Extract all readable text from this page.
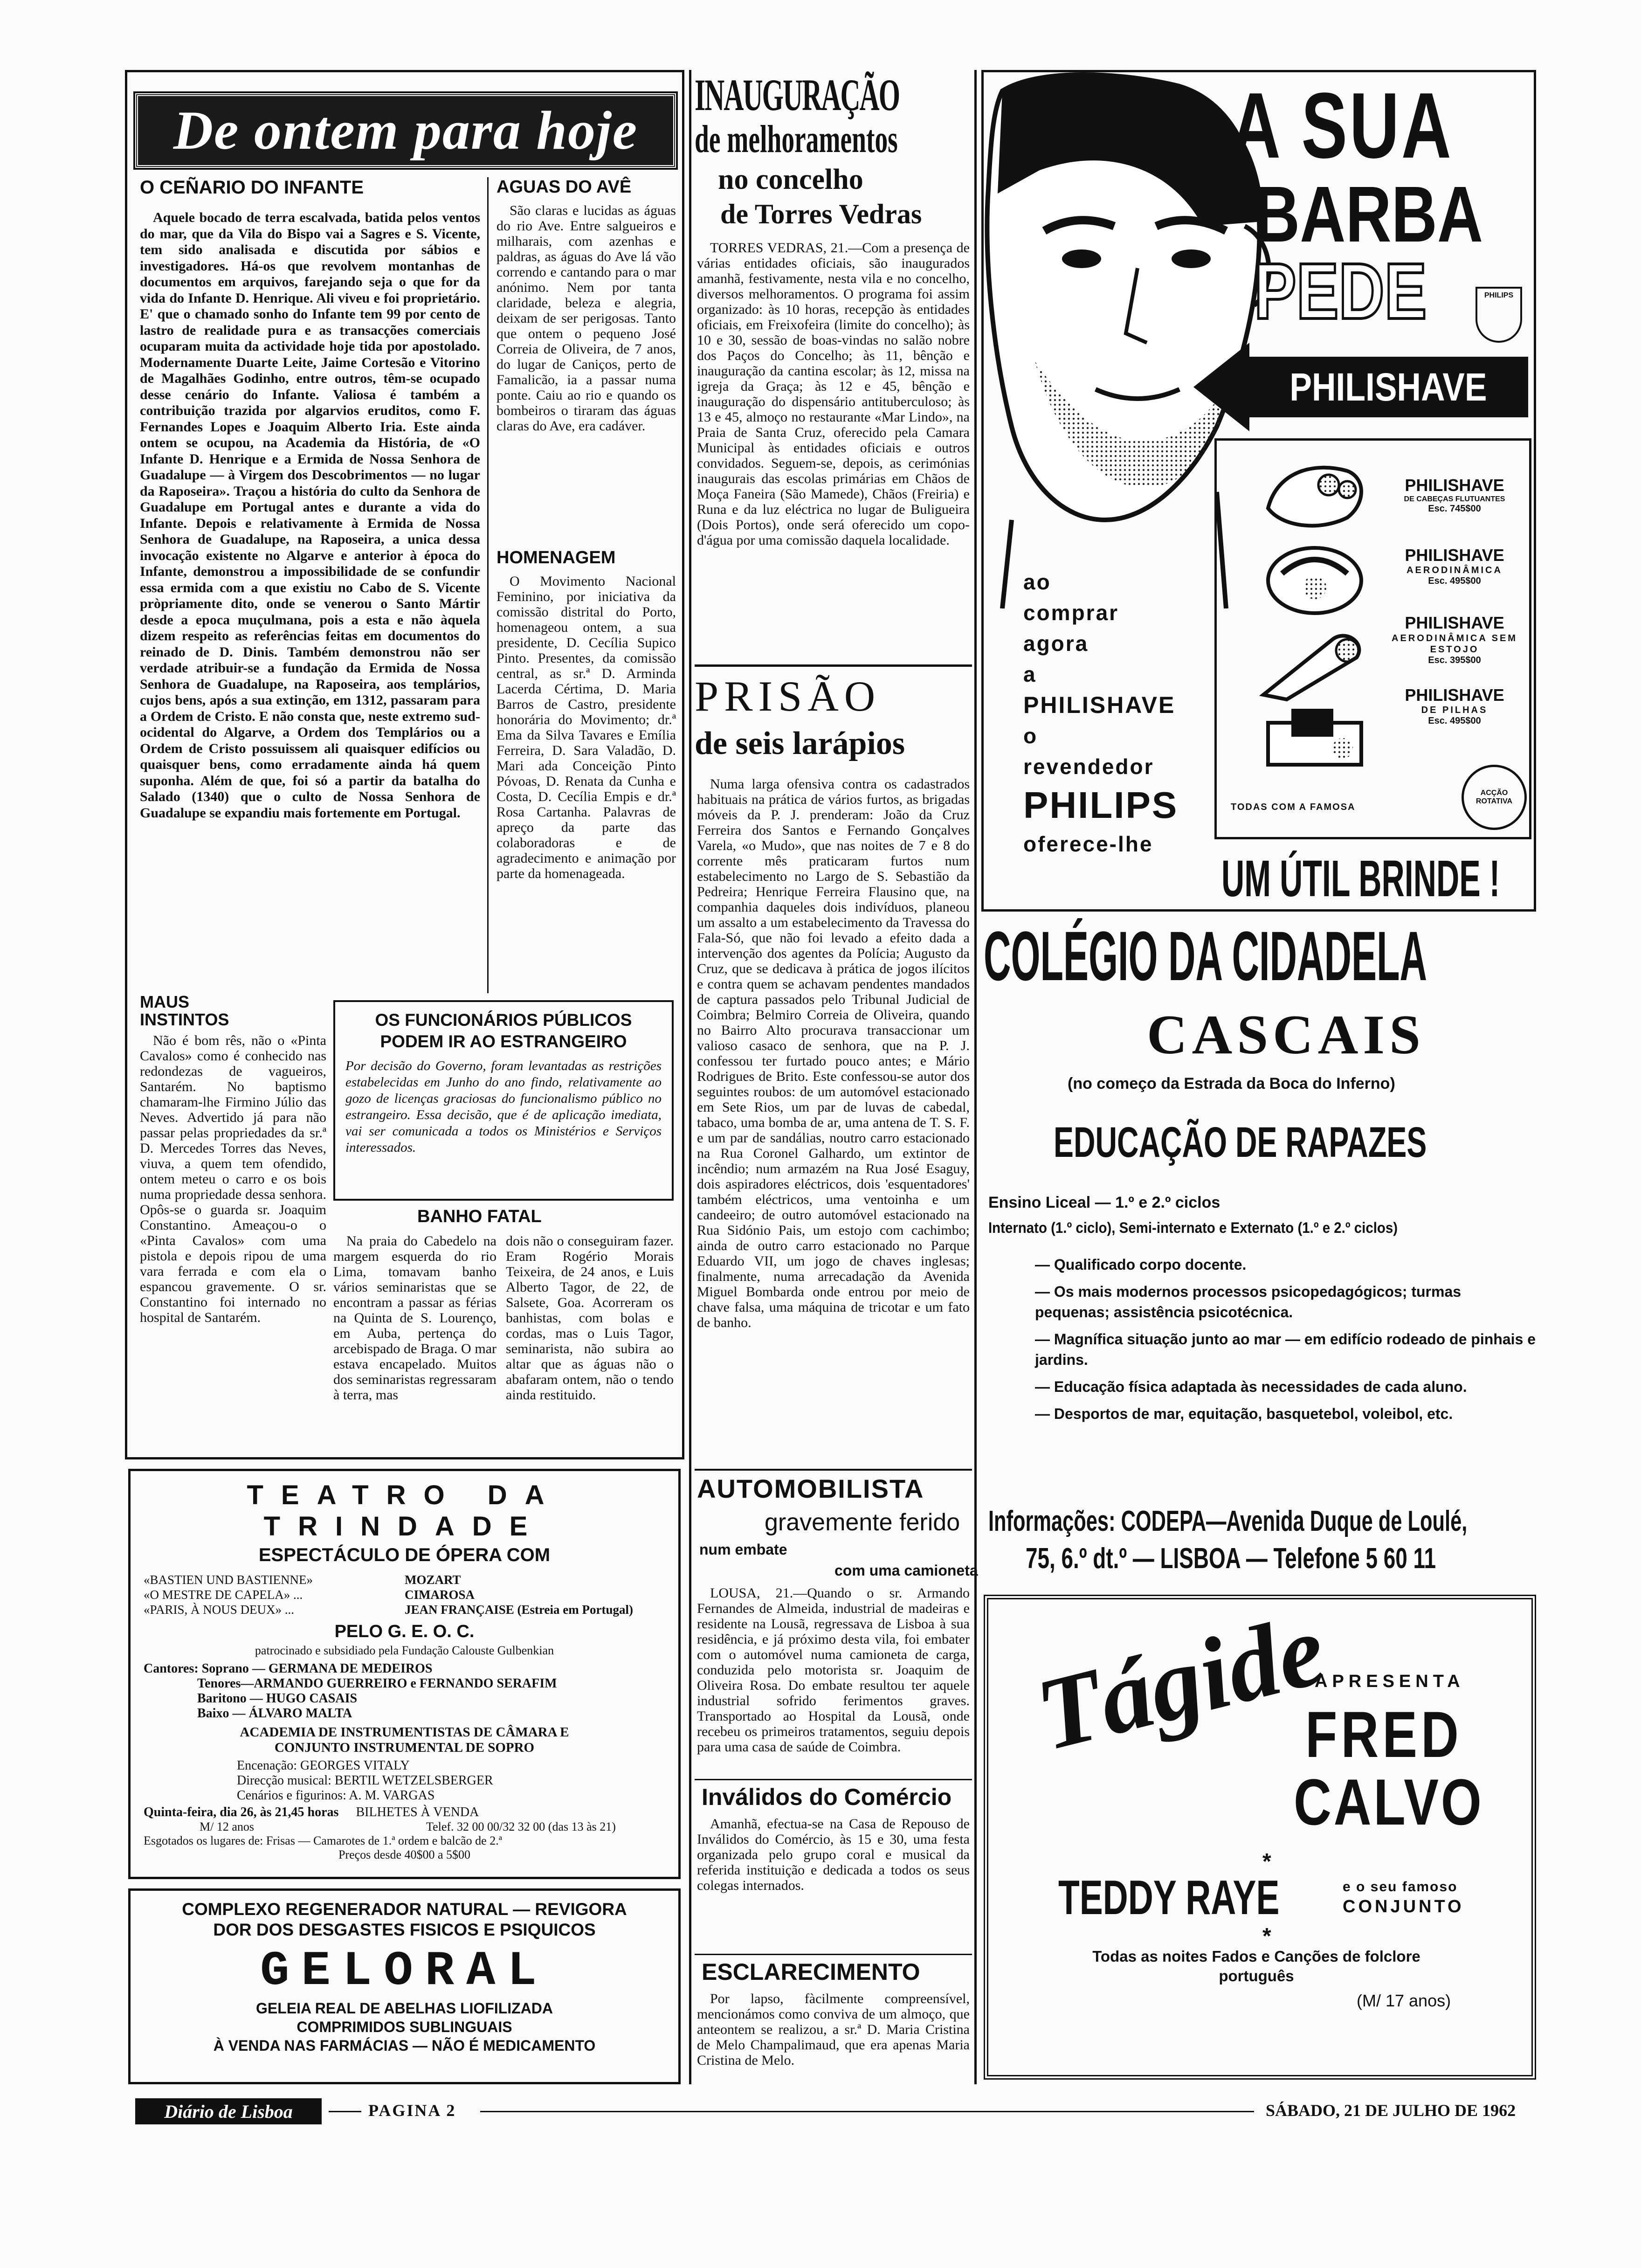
De ontem para hoje
O CEÑARIO DO INFANTE

Aquele bocado de terra escalvada, batida pelos ventos do mar, que da Vila do Bispo vai a Sagres e S. Vicente, tem sido analisada e discutida por sábios e investigadores. Há-os que revolvem montanhas de documentos em arquivos, farejando seja o que for da vida do Infante D. Henrique. Ali viveu e foi proprietário. E' que o chamado sonho do Infante tem 99 por cento de lastro de realidade pura e as transacções comerciais ocuparam muita da actividade hoje tida por apostolado. Modernamente Duarte Leite, Jaime Cortesão e Vitorino de Magalhães Godinho, entre outros, têm-se ocupado desse cenário do Infante. Valiosa é também a contribuição trazida por algarvios eruditos, como F. Fernandes Lopes e Joaquim Alberto Iria. Este ainda ontem se ocupou, na Academia da História, de «O Infante D. Henrique e a Ermida de Nossa Senhora de Guadalupe — à Virgem dos Descobrimentos — no lugar da Raposeira». Traçou a história do culto da Senhora de Guadalupe em Portugal antes e durante a vida do Infante. Depois e relativamente à Ermida de Nossa Senhora de Guadalupe, na Raposeira, a unica dessa invocação existente no Algarve e anterior à época do Infante, demonstrou a impossibilidade de se confundir essa ermida com a que existiu no Cabo de S. Vicente pròpriamente dito, onde se venerou o Santo Mártir desde a epoca muçulmana, pois a esta e não àquela dizem respeito as referências feitas em documentos do reinado de D. Dinis. Também demonstrou não ser verdade atribuir-se a fundação da Ermida de Nossa Senhora de Guadalupe, na Raposeira, aos templários, cujos bens, após a sua extinção, em 1312, passaram para a Ordem de Cristo. E não consta que, neste extremo sud-ocidental do Algarve, a Ordem dos Templários ou a Ordem de Cristo possuissem ali quaisquer edifícios ou quaisquer bens, como erradamente ainda há quem suponha. Além de que, foi só a partir da batalha do Salado (1340) que o culto de Nossa Senhora de Guadalupe se expandiu mais fortemente em Portugal.

AGUAS DO AVÊ

São claras e lucidas as águas do rio Ave. Entre salgueiros e milharais, com azenhas e paldras, as águas do Ave lá vão correndo e cantando para o mar anónimo. Nem por tanta claridade, beleza e alegria, deixam de ser perigosas. Tanto que ontem o pequeno José Correia de Oliveira, de 7 anos, do lugar de Caniços, perto de Famalicão, ia a passar numa ponte. Caiu ao rio e quando os bombeiros o tiraram das águas claras do Ave, era cadáver.

HOMENAGEM

O Movimento Nacional Feminino, por iniciativa da comissão distrital do Porto, homenageou ontem, a sua presidente, D. Cecília Supico Pinto. Presentes, da comissão central, as sr.ª D. Arminda Lacerda Cértima, D. Maria Barros de Castro, presidente honorária do Movimento; dr.ª Ema da Silva Tavares e Emília Ferreira, D. Sara Valadão, D. Mari ada Conceição Pinto Póvoas, D. Renata da Cunha e Costa, D. Cecília Empis e dr.ª Rosa Cartanha. Palavras de apreço da parte das colaboradoras e de agradecimento e animação por parte da homenageada.

MAUS INSTINTOS

Não é bom rês, não o «Pinta Cavalos» como é conhecido nas redondezas de vagueiros, Santarém. No baptismo chamaram-lhe Firmino Júlio das Neves. Advertido já para não passar pelas propriedades da sr.ª D. Mercedes Torres das Neves, viuva, a quem tem ofendido, ontem meteu o carro e os bois numa propriedade dessa senhora. Opôs-se o guarda sr. Joaquim Constantino. Ameaçou-o o «Pinta Cavalos» com uma pistola e depois ripou de uma vara ferrada e com ela o espancou gravemente. O sr. Constantino foi internado no hospital de Santarém.

OS FUNCIONÁRIOS PÚBLICOS PODEM IR AO ESTRANGEIRO
Por decisão do Governo, foram levantadas as restrições estabelecidas em Junho do ano findo, relativamente ao gozo de licenças graciosas do funcionalismo público no estrangeiro. Essa decisão, que é de aplicação imediata, vai ser comunicada a todos os Ministérios e Serviços interessados.
BANHO FATAL
Na praia do Cabedelo na margem esquerda do rio Lima, tomavam banho vários seminaristas que se encontram a passar as férias na Quinta de S. Lourenço, em Auba, pertença do arcebispado de Braga. O mar estava encapelado. Muitos dos seminaristas regressaram à terra, mas
dois não o conseguiram fazer. Eram Rogério Morais Teixeira, de 24 anos, e Luis Alberto Tagor, de 22, de Salsete, Goa. Acorreram os banhistas, com bolas e cordas, mas o Luis Tagor, seminarista, não subira ao altar que as águas não o abafaram ontem, não o tendo ainda restituido.
TEATRO DA TRINDADE
ESPECTÁCULO DE ÓPERA COM
«BASTIEN UND BASTIENNE»	MOZART
«O MESTRE DE CAPELA» ...	CIMAROSA
«PARIS, À NOUS DEUX» ...	JEAN FRANÇAISE (Estreia em Portugal)
PELO G. E. O. C.
patrocinado e subsidiado pela Fundação Calouste Gulbenkian
Cantores: Soprano — GERMANA DE MEDEIROS
Tenores—ARMANDO GUERREIRO e FERNANDO SERAFIM
Baritono — HUGO CASAIS
Baixo — ÁLVARO MALTA
ACADEMIA DE INSTRUMENTISTAS DE CÂMARA E CONJUNTO INSTRUMENTAL DE SOPRO
Encenação: GEORGES VITALY
Direcção musical: BERTIL WETZELSBERGER
Cenários e figurinos: A. M. VARGAS
Quinta-feira, dia 26, às 21,45 horas BILHETES À VENDA
M/ 12 anos	Telef. 32 00 00/32 32 00 (das 13 às 21)
Esgotados os lugares de: Frisas — Camarotes de 1.ª ordem e balcão de 2.ª
Preços desde 40$00 a 5$00
COMPLEXO REGENERADOR NATURAL — REVIGORA
DOR DOS DESGASTES FISICOS E PSIQUICOS
GELORAL
GELEIA REAL DE ABELHAS LIOFILIZADA
COMPRIMIDOS SUBLINGUAIS
À VENDA NAS FARMÁCIAS — NÃO É MEDICAMENTO
INAUGURAÇÃO
de melhoramentos
no concelho
de Torres Vedras
TORRES VEDRAS, 21.—Com a presença de várias entidades oficiais, são inaugurados amanhã, festivamente, nesta vila e no concelho, diversos melhoramentos. O programa foi assim organizado: às 10 horas, recepção às entidades oficiais, em Freixofeira (limite do concelho); às 10 e 30, sessão de boas-vindas no salão nobre dos Paços do Concelho; às 11, bênção e inauguração da cantina escolar; às 12, missa na igreja da Graça; às 12 e 45, bênção e inauguração do dispensário antituberculoso; às 13 e 45, almoço no restaurante «Mar Lindo», na Praia de Santa Cruz, oferecido pela Camara Municipal às entidades oficiais e outros convidados. Seguem-se, depois, as cerimónias inaugurais das escolas primárias em Chãos de Moça Faneira (São Mamede), Chãos (Freiria) e Runa e da luz eléctrica no lugar de Buligueira (Dois Portos), onde será oferecido um copo-d'água por uma comissão daquela localidade.
PRISÃO
de seis larápios
Numa larga ofensiva contra os cadastrados habituais na prática de vários furtos, as brigadas móveis da P. J. prenderam: João da Cruz Ferreira dos Santos e Fernando Gonçalves Varela, «o Mudo», que nas noites de 7 e 8 do corrente mês praticaram furtos num estabelecimento no Largo de S. Sebastião da Pedreira; Henrique Ferreira Flausino que, na companhia daqueles dois indivíduos, planeou um assalto a um estabelecimento da Travessa do Fala-Só, que não foi levado a efeito dada a intervenção dos agentes da Polícia; Augusto da Cruz, que se dedicava à prática de jogos ilícitos e contra quem se achavam pendentes mandados de captura passados pelo Tribunal Judicial de Coimbra; Belmiro Correia de Oliveira, quando no Bairro Alto procurava transaccionar um valioso casaco de senhora, que na P. J. confessou ter furtado pouco antes; e Mário Rodrigues de Brito. Este confessou-se autor dos seguintes roubos: de um automóvel estacionado em Sete Rios, um par de luvas de cabedal, tabaco, uma bomba de ar, uma antena de T. S. F. e um par de sandálias, noutro carro estacionado na Rua Coronel Galhardo, um extintor de incêndio; num armazém na Rua José Esaguy, dois aspiradores eléctricos, dois 'esquentadores' também eléctricos, uma ventoinha e um candeeiro; de outro automóvel estacionado na Rua Sidónio Pais, um estojo com cachimbo; ainda de outro carro estacionado no Parque Eduardo VII, um jogo de chaves inglesas; finalmente, numa arrecadação da Avenida Miguel Bombarda onde entrou por meio de chave falsa, uma máquina de tricotar e um fato de banho.
AUTOMOBILISTA
gravemente ferido
num embate
com uma camioneta
LOUSA, 21.—Quando o sr. Armando Fernandes de Almeida, industrial de madeiras e residente na Lousã, regressava de Lisboa à sua residência, e já próximo desta vila, foi embater com o automóvel numa camioneta de carga, conduzida pelo motorista sr. Joaquim de Oliveira Rosa. Do embate resultou ter aquele industrial sofrido ferimentos graves. Transportado ao Hospital da Lousã, onde recebeu os primeiros tratamentos, seguiu depois para uma casa de saúde de Coimbra.
Inválidos do Comércio
Amanhã, efectua-se na Casa de Repouso de Inválidos do Comércio, às 15 e 30, uma festa organizada pelo grupo coral e musical da referida instituição e dedicada a todos os seus colegas internados.
ESCLARECIMENTO
Por lapso, fàcilmente compreensível, mencionámos como conviva de um almoço, que anteontem se realizou, a sr.ª D. Maria Cristina de Melo Champalimaud, que era apenas Maria Cristina de Melo.
A SUA
BARBA
PEDE	PHILIPS
PHILISHAVE
ao
comprar
agora
a
PHILISHAVE
o
revendedor
PHILIPS
oferece-lhe
PHILISHAVE
DE CABEÇAS FLUTUANTES
Esc. 745$00
PHILISHAVE
AERODINÂMICA
Esc. 495$00
PHILISHAVE
AERODINÂMICA SEM ESTOJO
Esc. 395$00
PHILISHAVE
DE PILHAS
Esc. 495$00
TODAS COM A FAMOSA
ACÇÃO ROTATIVA
UM ÚTIL BRINDE !
COLÉGIO DA CIDADELA
CASCAIS
(no começo da Estrada da Boca do Inferno)
EDUCAÇÃO DE RAPAZES
Ensino Liceal — 1.º e 2.º ciclos
Internato (1.º ciclo), Semi-internato e Externato (1.º e 2.º ciclos)
— Qualificado corpo docente.
— Os mais modernos processos psicopedagógicos; turmas pequenas; assistência psicotécnica.
— Magnífica situação junto ao mar — em edifício rodeado de pinhais e jardins.
— Educação física adaptada às necessidades de cada aluno.
— Desportos de mar, equitação, basquetebol, voleibol, etc.
Informações: CODEPA—Avenida Duque de Loulé,
75, 6.º dt.º — LISBOA — Telefone 5 60 11
Tágide
APRESENTA
FRED
CALVO
*
TEDDY RAYE	e o seu famoso
CONJUNTO
*
Todas as noites Fados e Canções de folclore português
(M/ 17 anos)
Diário de Lisboa	PAGINA 2	SÁBADO, 21 DE JULHO DE 1962
